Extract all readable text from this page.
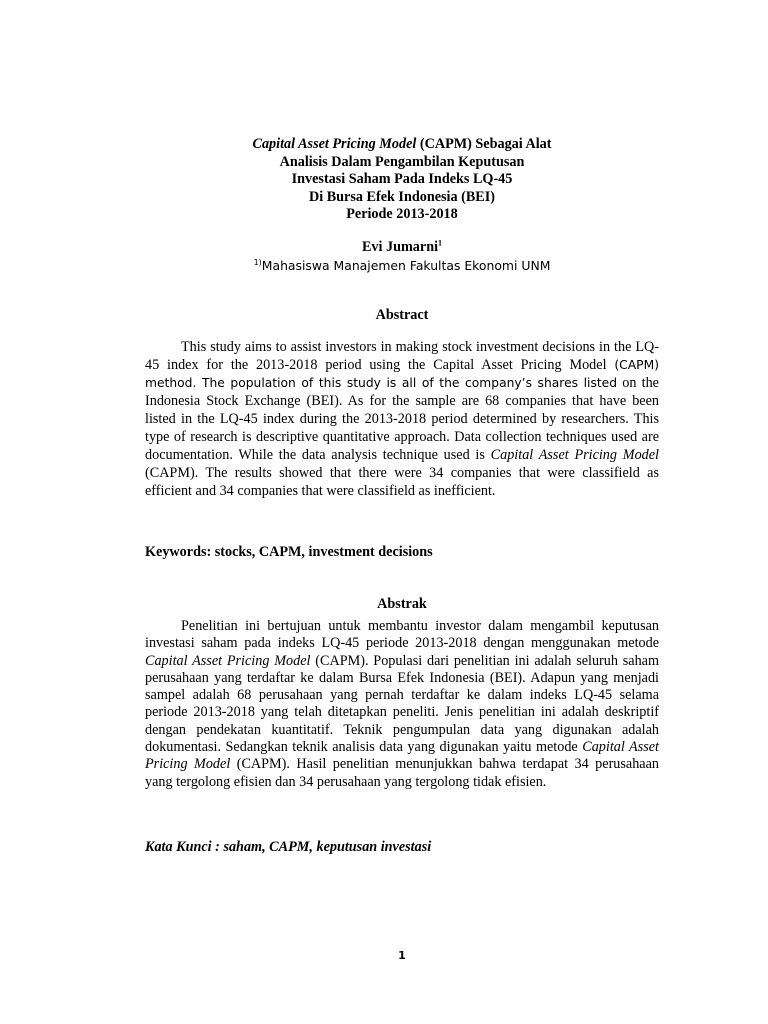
Capital Asset Pricing Model (CAPM) Sebagai Alat
Analisis Dalam Pengambilan Keputusan
Investasi Saham Pada Indeks LQ-45
Di Bursa Efek Indonesia (BEI)
Periode 2013-2018
Evi Jumarni$^1$
$^{1)}$Mahasiswa Manajemen Fakultas Ekonomi UNM
Abstract
This study aims to assist investors in making stock investment decisions in the LQ-45 index for the 2013-2018 period using the Capital Asset Pricing Model (CAPM) method. The population of this study is all of the company’s shares listed on the Indonesia Stock Exchange (BEI). As for the sample are 68 companies that have been listed in the LQ-45 index during the 2013-2018 period determined by researchers. This type of research is descriptive quantitative approach. Data collection techniques used are documentation. While the data analysis technique used is Capital Asset Pricing Model (CAPM). The results showed that there were 34 companies that were classifield as efficient and 34 companies that were classifield as inefficient.
Keywords: stocks, CAPM, investment decisions
Abstrak
Penelitian ini bertujuan untuk membantu investor dalam mengambil keputusan investasi saham pada indeks LQ-45 periode 2013-2018 dengan menggunakan metode Capital Asset Pricing Model (CAPM). Populasi dari penelitian ini adalah seluruh saham perusahaan yang terdaftar ke dalam Bursa Efek Indonesia (BEI). Adapun yang menjadi sampel adalah 68 perusahaan yang pernah terdaftar ke dalam indeks LQ-45 selama periode 2013-2018 yang telah ditetapkan peneliti. Jenis penelitian ini adalah deskriptif dengan pendekatan kuantitatif. Teknik pengumpulan data yang digunakan adalah dokumentasi. Sedangkan teknik analisis data yang digunakan yaitu metode Capital Asset Pricing Model (CAPM). Hasil penelitian menunjukkan bahwa terdapat 34 perusahaan yang tergolong efisien dan 34 perusahaan yang tergolong tidak efisien.
Kata Kunci : saham, CAPM, keputusan investasi
1
